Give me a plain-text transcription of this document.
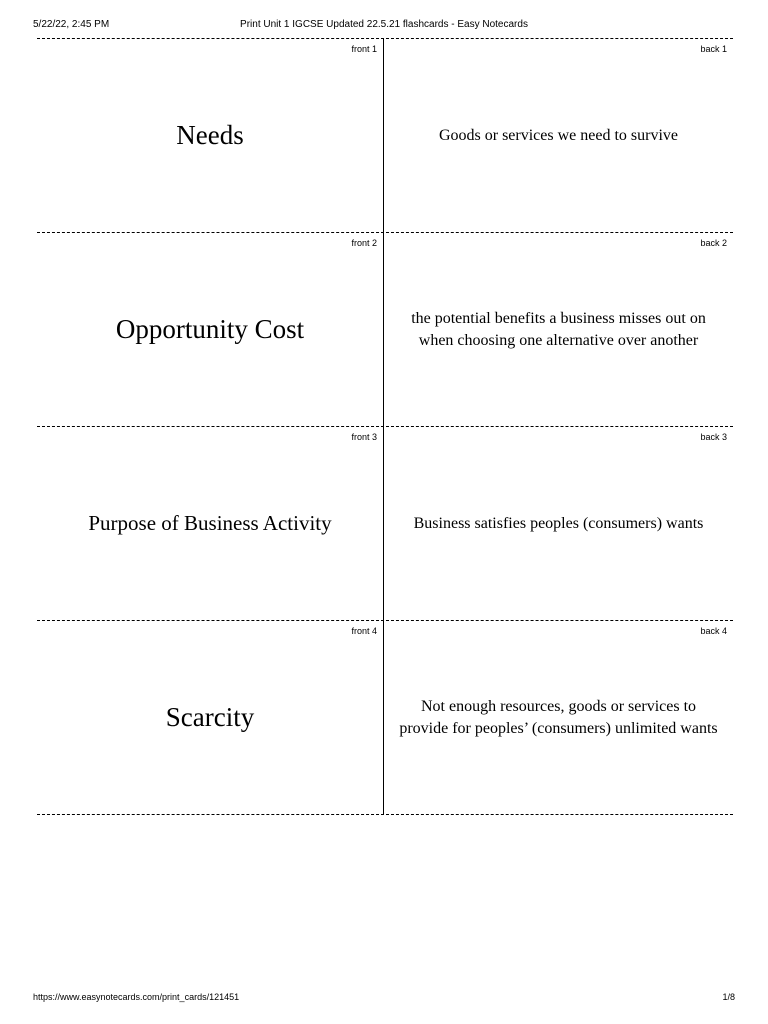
5/22/22, 2:45 PM	Print Unit 1 IGCSE Updated 22.5.21 flashcards - Easy Notecards
front 1
Needs
back 1
Goods or services we need to survive
front 2
Opportunity Cost
back 2
the potential benefits a business misses out on when choosing one alternative over another
front 3
Purpose of Business Activity
back 3
Business satisfies peoples (consumers) wants
front 4
Scarcity
back 4
Not enough resources, goods or services to provide for peoples’ (consumers) unlimited wants
https://www.easynotecards.com/print_cards/121451	1/8
